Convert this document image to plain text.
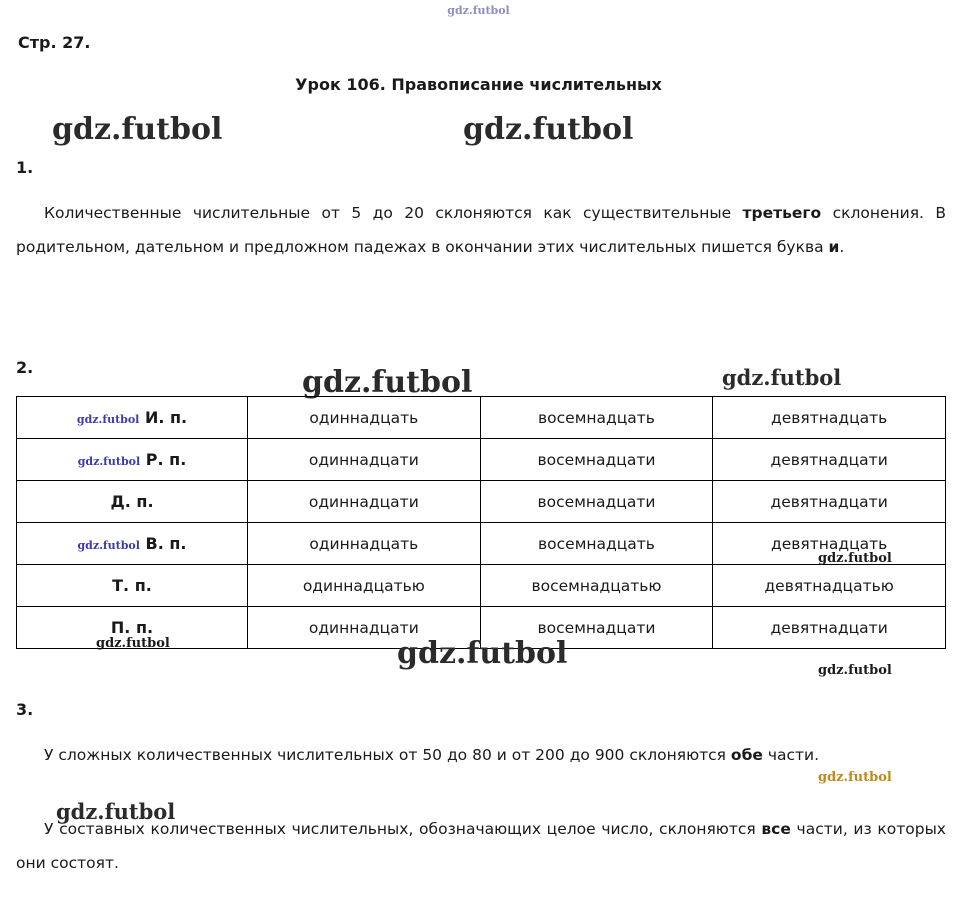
gdz.futbol
Стр. 27.
Урок 106. Правописание числительных
gdz.futbol	gdz.futbol
1.
Количественные числительные от 5 до 20 склоняются как существительные третьего склонения. В родительном, дательном и предложном падежах в окончании этих числительных пишется буква и.
2.	gdz.futbol	gdz.futbol
gdz.futbol И. п.	одиннадцать	восемнадцать	девятнадцать
gdz.futbol Р. п.	одиннадцати	восемнадцати	девятнадцати
Д. п.	одиннадцати	восемнадцати	девятнадцати
gdz.futbol В. п.	одиннадцать	восемнадцать	девятнадцать
Т. п.	одиннадцатью	восемнадцатью	девятнадцатью
П. п.	одиннадцати	восемнадцати	девятнадцати
gdz.futbol
gdz.futbol	gdz.futbol	gdz.futbol
3.
У сложных количественных числительных от 50 до 80 и от 200 до 900 склоняются обе части.
gdz.futbol
gdz.futbol
У составных количественных числительных, обозначающих целое число, склоняются все части, из которых они состоят.
